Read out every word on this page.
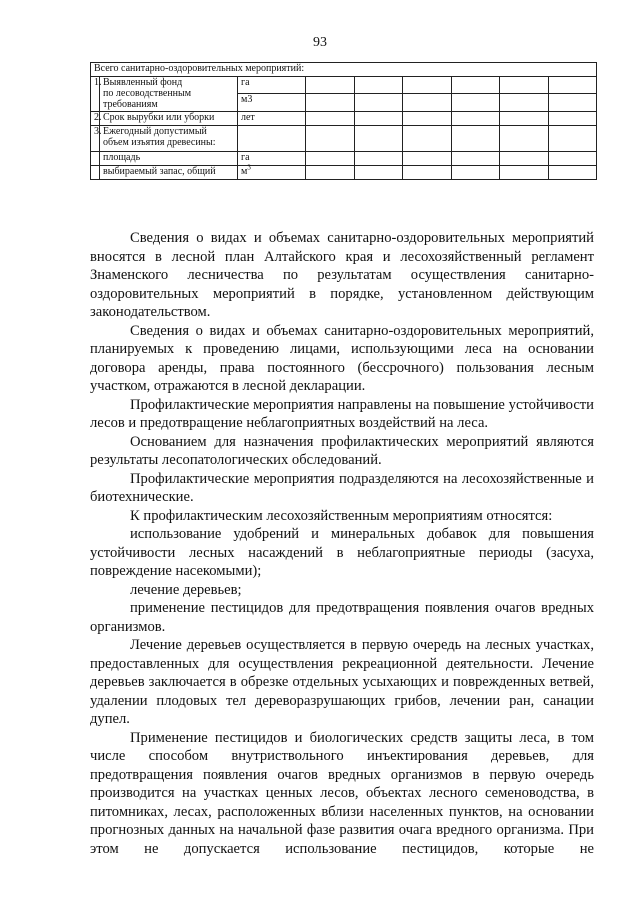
93
Всего санитарно-оздоровительных мероприятий:								
1.	Выявленный фонд
по лесоводственным
требованиям	га						
		м3						
2.	Срок вырубки или уборки	лет						
3.	Ежегодный допустимый
объем изъятия древесины:							

	площадь	га						
	выбираемый запас, общий	$м^3$						

Сведения о видах и объемах санитарно-оздоровительных мероприятий вносятся в лесной план Алтайского края и лесохозяйственный регламент Знаменского лесничества по результатам осуществления санитарно-оздоровительных мероприятий в порядке, установленном действующим законодательством.

Сведения о видах и объемах санитарно-оздоровительных мероприятий, планируемых к проведению лицами, использующими леса на основании договора аренды, права постоянного (бессрочного) пользования лесным участком, отражаются в лесной декларации.

Профилактические мероприятия направлены на повышение устойчивости лесов и предотвращение неблагоприятных воздействий на леса.

Основанием для назначения профилактических мероприятий являются результаты лесопатологических обследований.

Профилактические мероприятия подразделяются на лесохозяйственные и биотехнические.

К профилактическим лесохозяйственным мероприятиям относятся:

использование удобрений и минеральных добавок для повышения устойчивости лесных насаждений в неблагоприятные периоды (засуха, повреждение насекомыми);

лечение деревьев;

применение пестицидов для предотвращения появления очагов вредных организмов.

Лечение деревьев осуществляется в первую очередь на лесных участках, предоставленных для осуществления рекреационной деятельности. Лечение деревьев заключается в обрезке отдельных усыхающих и поврежденных ветвей, удалении плодовых тел дереворазрушающих грибов, лечении ран, санации дупел.

Применение пестицидов и биологических средств защиты леса, в том числе способом внутриствольного инъектирования деревьев, для предотвращения появления очагов вредных организмов в первую очередь производится на участках ценных лесов, объектах лесного семеноводства, в питомниках, лесах, расположенных вблизи населенных пунктов, на основании прогнозных данных на начальной фазе развития очага вредного организма. При этом не допускается использование пестицидов, которые не
